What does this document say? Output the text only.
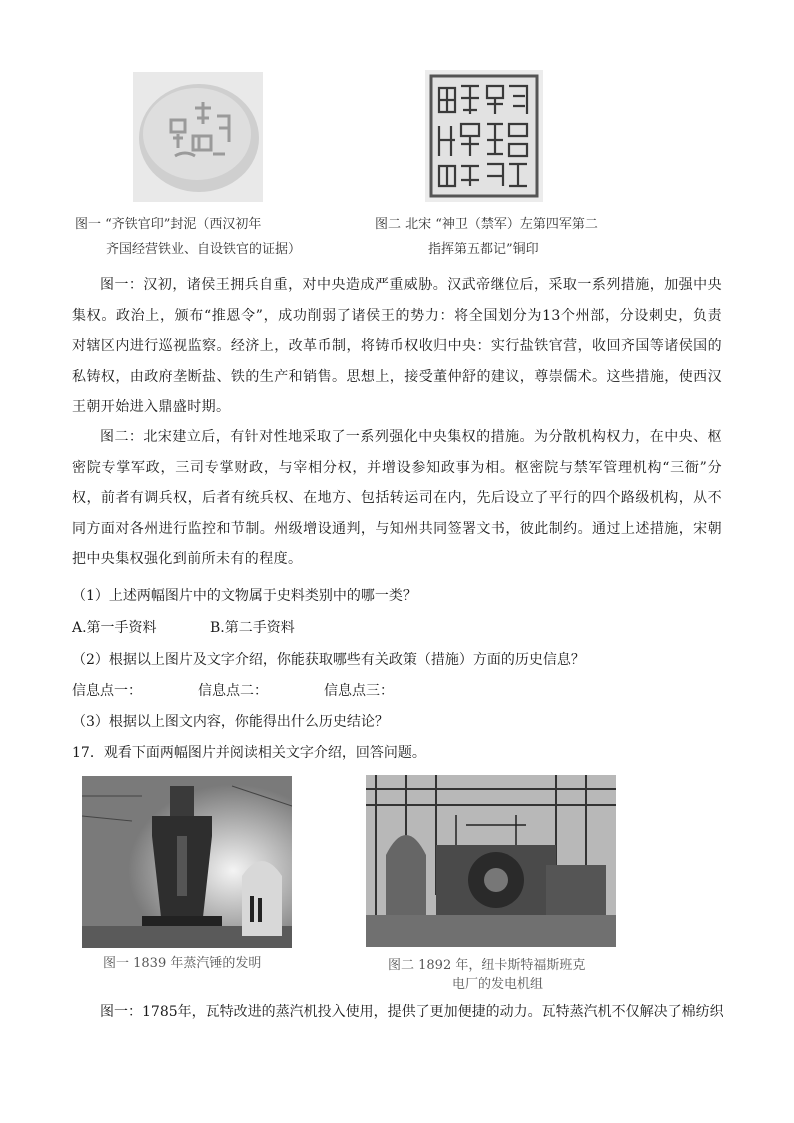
图一 “齐铁官印”封泥（西汉初年
齐国经营铁业、自设铁官的证据）
图二 北宋 “神卫（禁军）左第四军第二
指挥第五都记”铜印
图一：汉初，诸侯王拥兵自重，对中央造成严重威胁。汉武帝继位后，采取一系列措施，加强中央集权。政治上，颁布“推恩令”，成功削弱了诸侯王的势力：将全国划分为13个州部，分设刺史，负责对辖区内进行巡视监察。经济上，改革币制，将铸币权收归中央：实行盐铁官营，收回齐国等诸侯国的私铸权，由政府垄断盐、铁的生产和销售。思想上，接受董仲舒的建议，尊崇儒术。这些措施，使西汉王朝开始进入鼎盛时期。
图二：北宋建立后，有针对性地采取了一系列强化中央集权的措施。为分散机构权力，在中央、枢密院专掌军政，三司专掌财政，与宰相分权，并增设参知政事为相。枢密院与禁军管理机构“三衙”分权，前者有调兵权，后者有统兵权、在地方、包括转运司在内，先后设立了平行的四个路级机构，从不同方面对各州进行监控和节制。州级增设通判，与知州共同签署文书，彼此制约。通过上述措施，宋朝把中央集权强化到前所未有的程度。
（1）上述两幅图片中的文物属于史料类别中的哪一类？
A.第一手资料	B.第二手资料
（2）根据以上图片及文字介绍，你能获取哪些有关政策（措施）方面的历史信息？
信息点一：	信息点二：	信息点三：
（3）根据以上图文内容，你能得出什么历史结论？
17．观看下面两幅图片并阅读相关文字介绍，回答问题。
图一 1839 年蒸汽锤的发明	图二 1892 年，纽卡斯特福斯班克
电厂的发电机组
图一：1785年，瓦特改进的蒸汽机投入使用，提供了更加便捷的动力。瓦特蒸汽机不仅解决了棉纺织
